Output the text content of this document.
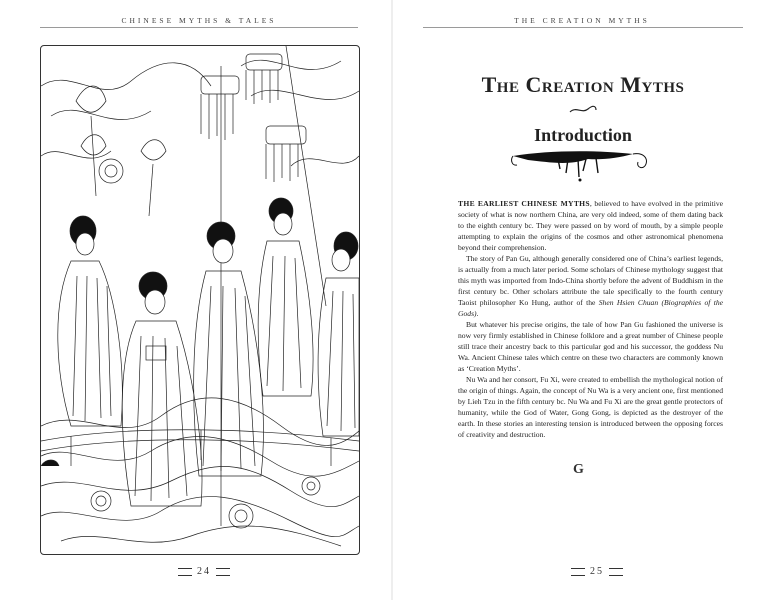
CHINESE MYTHS & TALES
24
THE CREATION MYTHS
The Creation Myths
Introduction

THE EARLIEST CHINESE MYTHS, believed to have evolved in the primitive society of what is now northern China, are very old indeed, some of them dating back to the eighth century bc. They were passed on by word of mouth, by a simple people attempting to explain the origins of the cosmos and other astronomical phenomena beyond their comprehension.

The story of Pan Gu, although generally considered one of China’s earliest legends, is actually from a much later period. Some scholars of Chinese mythology suggest that this myth was imported from Indo-China shortly before the advent of Buddhism in the first century bc. Other scholars attribute the tale specifically to the fourth century Taoist philosopher Ko Hung, author of the Shen Hsien Chuan (Biographies of the Gods).

But whatever his precise origins, the tale of how Pan Gu fashioned the universe is now very firmly established in Chinese folklore and a great number of Chinese people still trace their ancestry back to this particular god and his successor, the goddess Nu Wa. Ancient Chinese tales which centre on these two characters are commonly known as ‘Creation Myths’.

Nu Wa and her consort, Fu Xi, were created to embellish the mythological notion of the origin of things. Again, the concept of Nu Wa is a very ancient one, first mentioned by Lieh Tzu in the fifth century bc. Nu Wa and Fu Xi are the great gentle protectors of humanity, while the God of Water, Gong Gong, is depicted as the destroyer of the earth. In these stories an interesting tension is introduced between the opposing forces of creativity and destruction.

G
25
